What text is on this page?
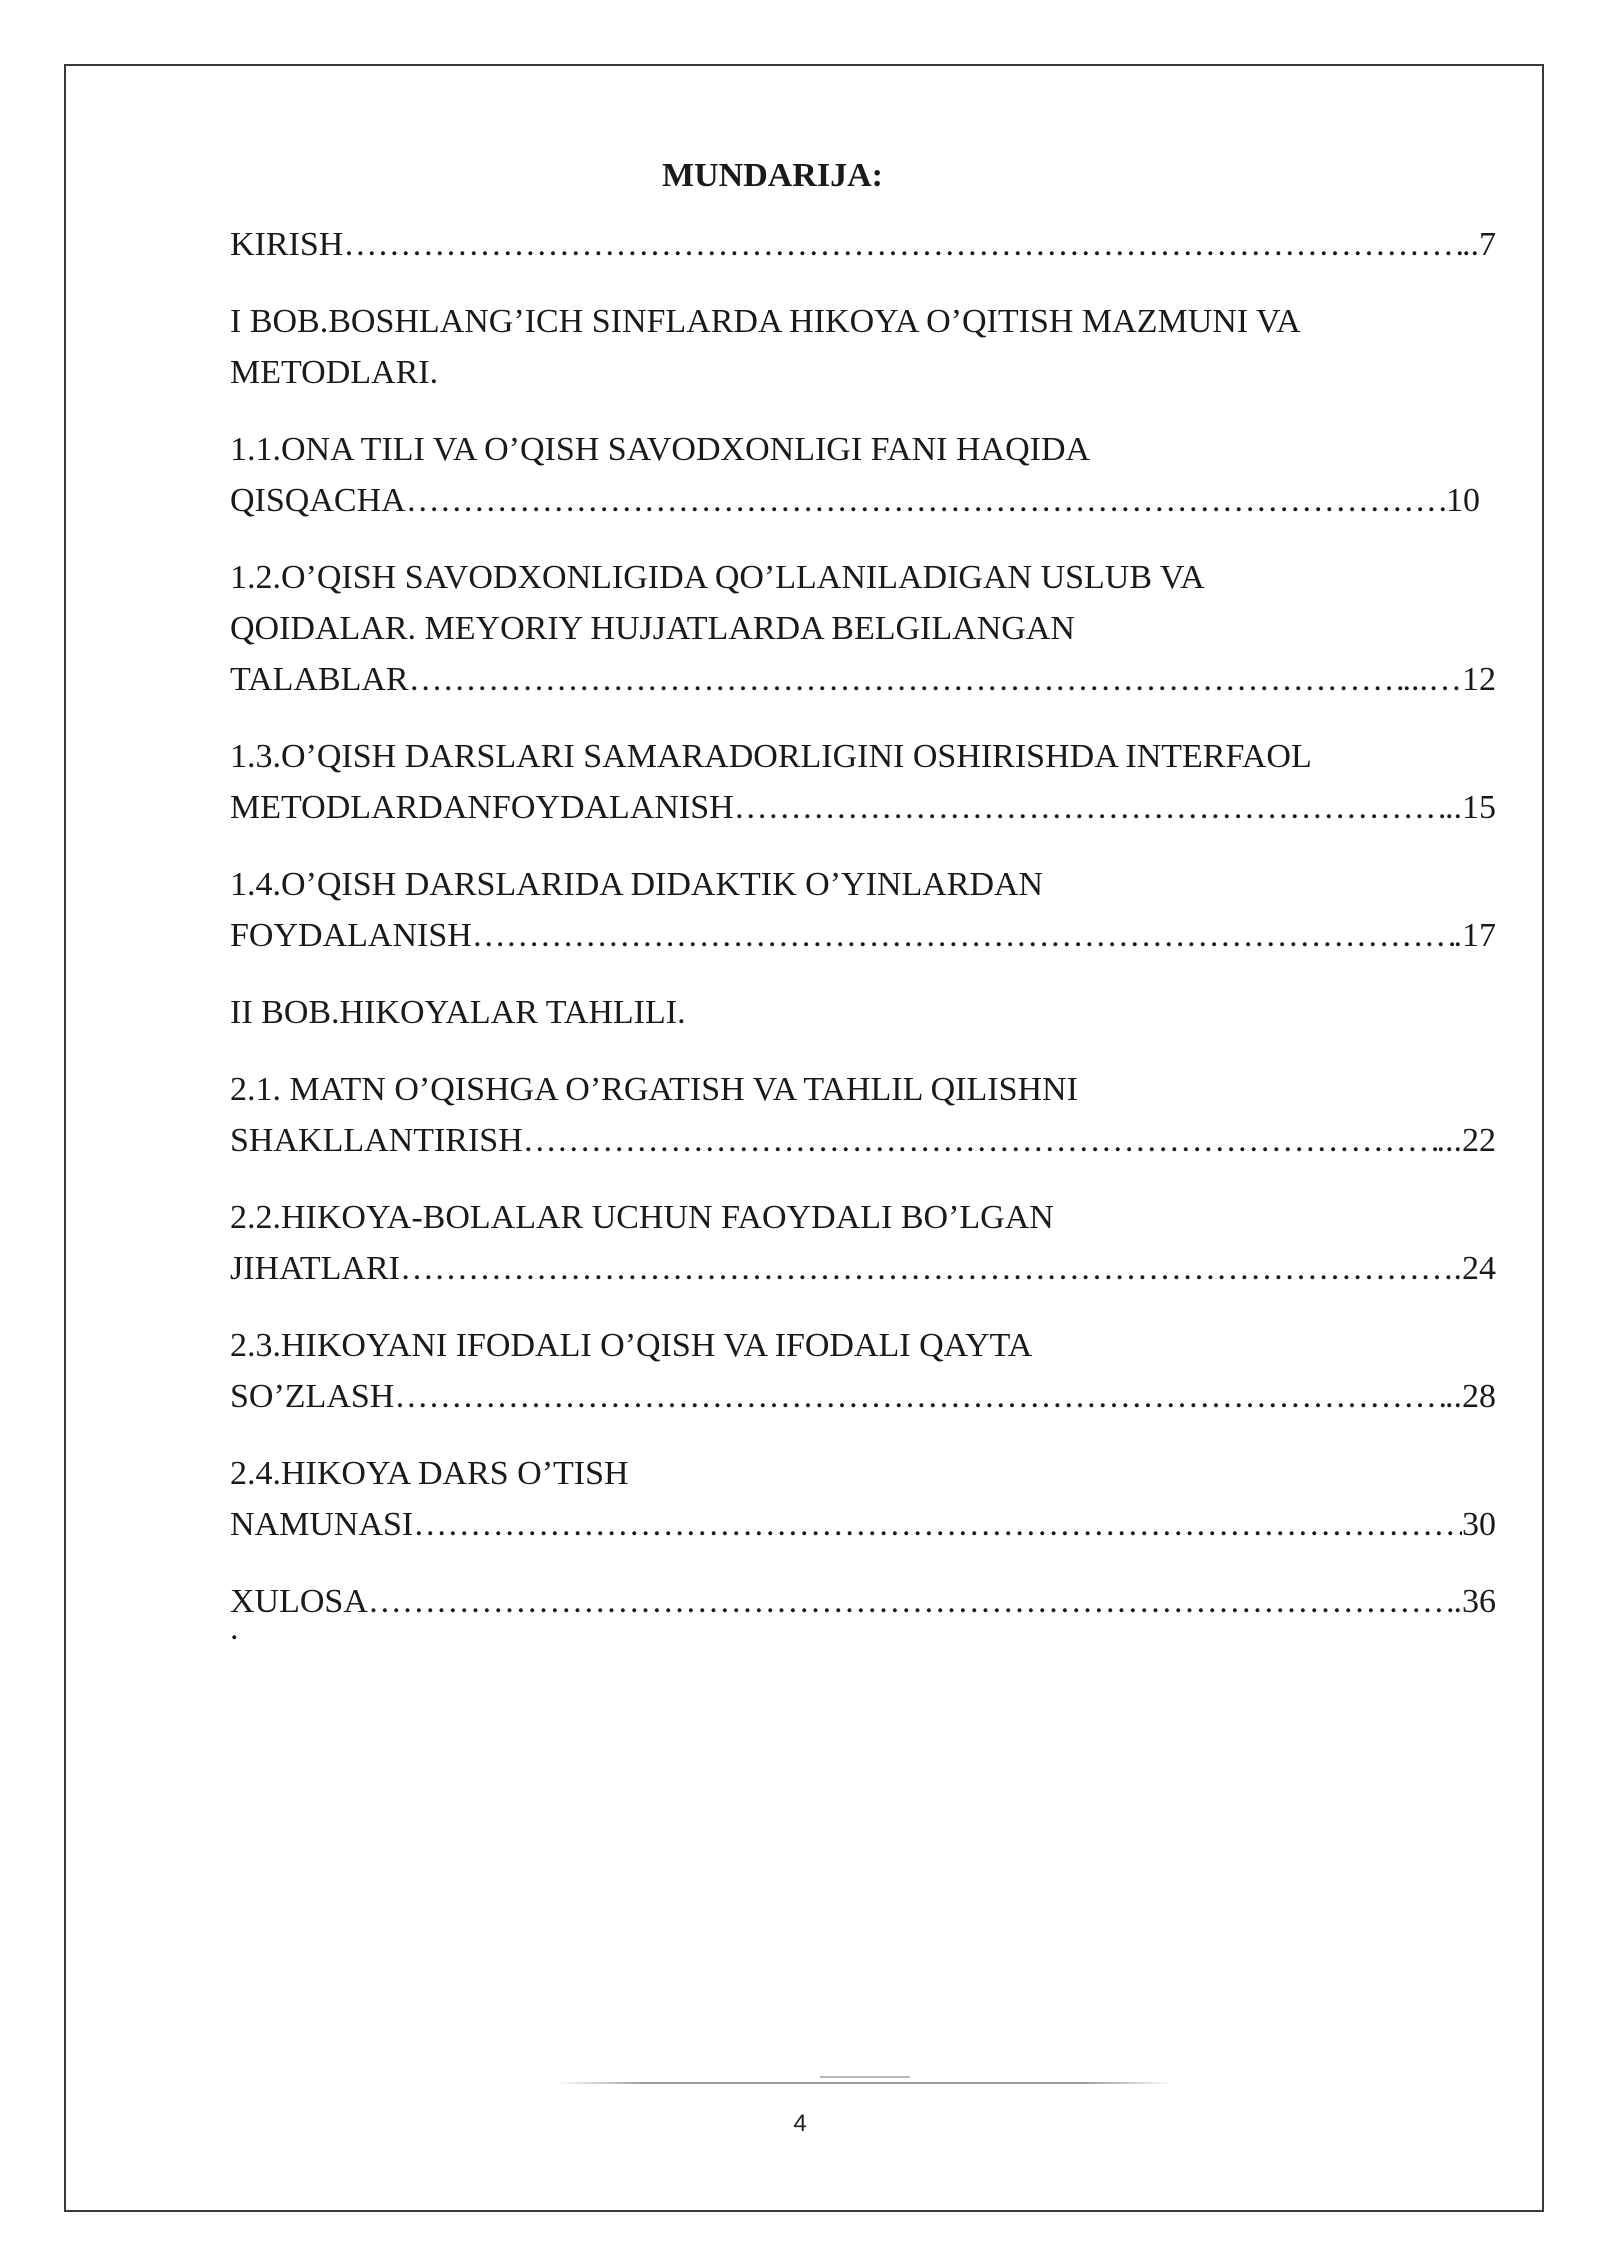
MUNDARIJA:
KIRISH ………………………………………………………………………………………………………………………………………………………………………………	..7
I BOB.BOSHLANG’ICH SINFLARDA HIKOYA O’QITISH MAZMUNI VA
METODLARI.
1.1.ONA TILI VA O’QISH SAVODXONLIGI FANI HAQIDA
QISQACHA ………………………………………………………………………………………………………………………………………………………………………………	10
1.2.O’QISH SAVODXONLIGIDA QO’LLANILADIGAN USLUB VA
QOIDALAR. MEYORIY HUJJATLARDA BELGILANGAN
TALABLAR ………………………………………………………………………………………………………………………………………………………………………………	...…12
1.3.O’QISH DARSLARI SAMARADORLIGINI OSHIRISHDA INTERFAOL
METODLARDANFOYDALANISH ………………………………………………………………………………………………………………………………………………………………………………	..15
1.4.O’QISH DARSLARIDA DIDAKTIK O’YINLARDAN
FOYDALANISH ………………………………………………………………………………………………………………………………………………………………………………	.17
II BOB.HIKOYALAR TAHLILI.
2.1. MATN O’QISHGA O’RGATISH VA TAHLIL QILISHNI
SHAKLLANTIRISH ………………………………………………………………………………………………………………………………………………………………………………	...22
2.2.HIKOYA-BOLALAR UCHUN FAOYDALI BO’LGAN
JIHATLARI ………………………………………………………………………………………………………………………………………………………………………………	.24
2.3.HIKOYANI IFODALI O’QISH VA IFODALI QAYTA
SO’ZLASH ………………………………………………………………………………………………………………………………………………………………………………	..28
2.4.HIKOYA DARS O’TISH
NAMUNASI ………………………………………………………………………………………………………………………………………………………………………………	30
XULOSA ………………………………………………………………………………………………………………………………………………………………………………	.36
.
4
